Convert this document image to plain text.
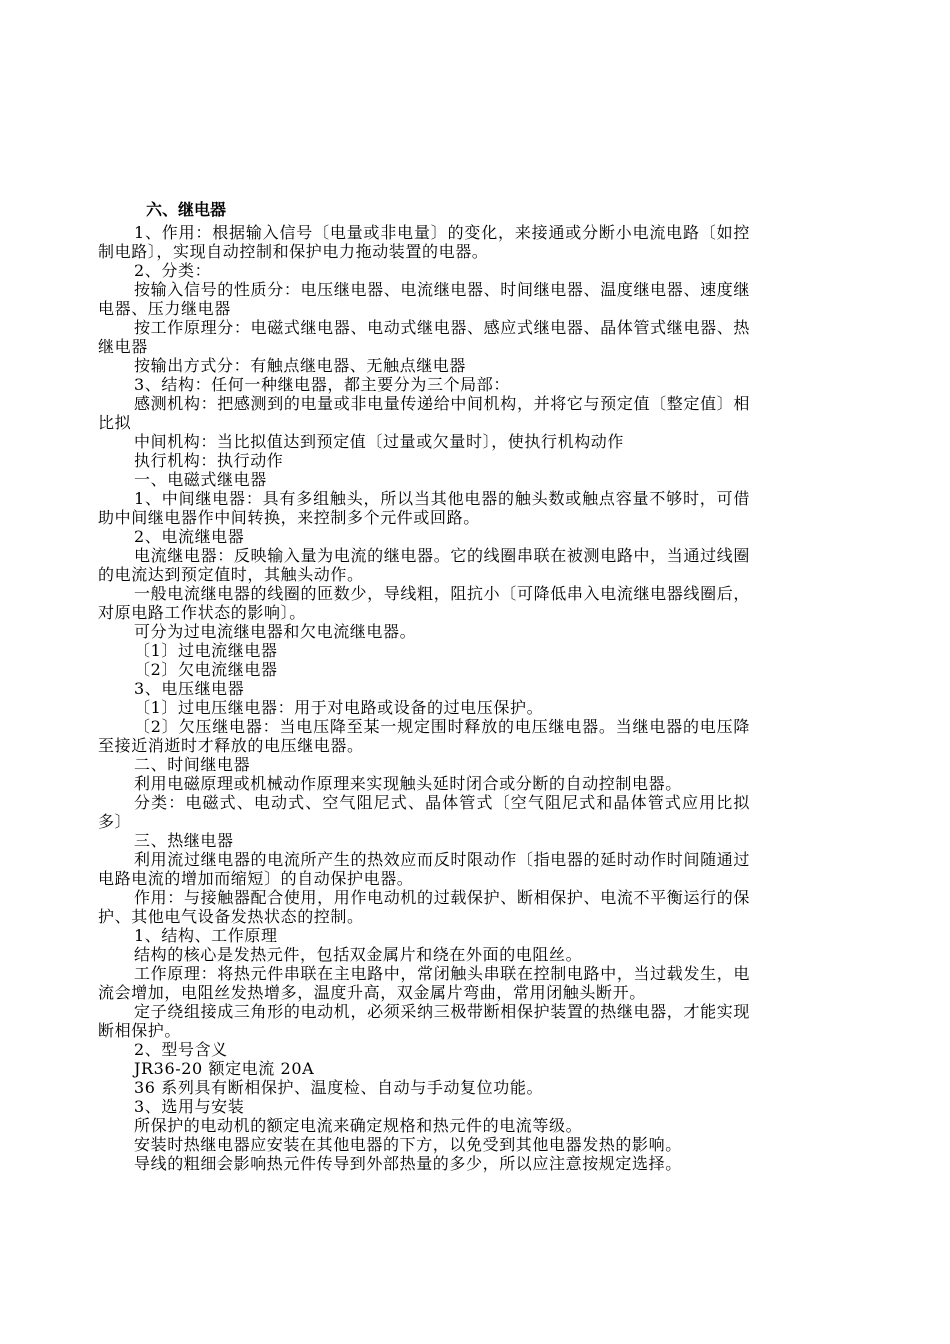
六、继电器

1、作用：根据输入信号〔电量或非电量〕的变化，来接通或分断小电流电路〔如控制电路〕，实现自动控制和保护电力拖动装置的电器。

2、分类：

按输入信号的性质分：电压继电器、电流继电器、时间继电器、温度继电器、速度继电器、压力继电器

按工作原理分：电磁式继电器、电动式继电器、感应式继电器、晶体管式继电器、热继电器

按输出方式分：有触点继电器、无触点继电器

3、结构：任何一种继电器，都主要分为三个局部：

感测机构：把感测到的电量或非电量传递给中间机构，并将它与预定值〔整定值〕相比拟

中间机构：当比拟值达到预定值〔过量或欠量时〕，使执行机构动作

执行机构：执行动作

一、电磁式继电器

1、中间继电器：具有多组触头，所以当其他电器的触头数或触点容量不够时，可借助中间继电器作中间转换，来控制多个元件或回路。

2、电流继电器

电流继电器：反映输入量为电流的继电器。它的线圈串联在被测电路中，当通过线圈的电流达到预定值时，其触头动作。

一般电流继电器的线圈的匝数少，导线粗，阻抗小〔可降低串入电流继电器线圈后，对原电路工作状态的影响〕。

可分为过电流继电器和欠电流继电器。

〔1〕过电流继电器

〔2〕欠电流继电器

3、电压继电器

〔1〕过电压继电器：用于对电路或设备的过电压保护。

〔2〕欠压继电器：当电压降至某一规定围时释放的电压继电器。当继电器的电压降至接近消逝时才释放的电压继电器。

二、时间继电器

利用电磁原理或机械动作原理来实现触头延时闭合或分断的自动控制电器。

分类：电磁式、电动式、空气阻尼式、晶体管式〔空气阻尼式和晶体管式应用比拟多〕

三、热继电器

利用流过继电器的电流所产生的热效应而反时限动作〔指电器的延时动作时间随通过电路电流的增加而缩短〕的自动保护电器。

作用：与接触器配合使用，用作电动机的过载保护、断相保护、电流不平衡运行的保护、其他电气设备发热状态的控制。

1、结构、工作原理

结构的核心是发热元件，包括双金属片和绕在外面的电阻丝。

工作原理：将热元件串联在主电路中，常闭触头串联在控制电路中，当过载发生，电流会增加，电阻丝发热增多，温度升高，双金属片弯曲，常用闭触头断开。

定子绕组接成三角形的电动机，必须采纳三极带断相保护装置的热继电器，才能实现断相保护。

2、型号含义

JR36-20 额定电流 20A

36 系列具有断相保护、温度检、自动与手动复位功能。

3、选用与安装

所保护的电动机的额定电流来确定规格和热元件的电流等级。

安装时热继电器应安装在其他电器的下方，以免受到其他电器发热的影响。

导线的粗细会影响热元件传导到外部热量的多少，所以应注意按规定选择。
